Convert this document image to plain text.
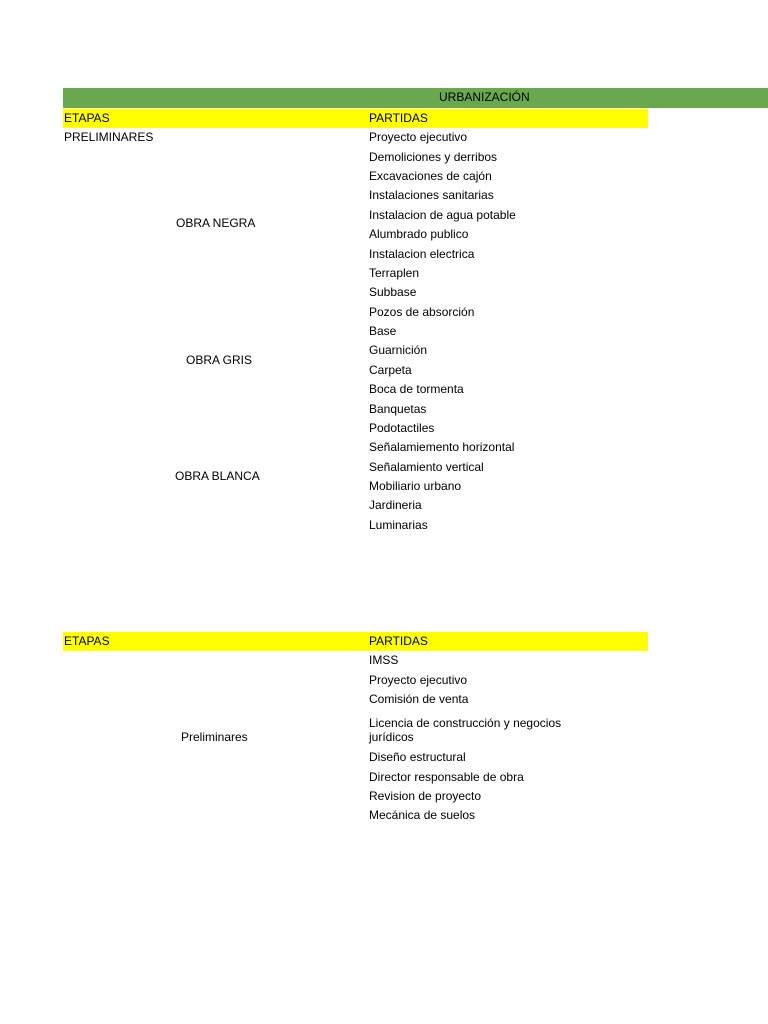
URBANIZACIÓN
ETAPAS	PARTIDAS
PRELIMINARES
OBRA NEGRA
OBRA GRIS
OBRA BLANCA
Proyecto ejecutivo
Demoliciones y derribos
Excavaciones de cajón
Instalaciones sanitarias
Instalacion de agua potable
Alumbrado publico
Instalacion electrica
Terraplen
Subbase
Pozos de absorción
Base
Guarnición
Carpeta
Boca de tormenta
Banquetas
Podotactiles
Señalamiemento horizontal
Señalamiento vertical
Mobiliario urbano
Jardineria
Luminarias
ETAPAS	PARTIDAS
Preliminares
IMSS
Proyecto ejecutivo
Comisión de venta
Licencia de construcción y negocios
jurídicos
Diseño estructural
Director responsable de obra
Revision de proyecto
Mecánica de suelos
